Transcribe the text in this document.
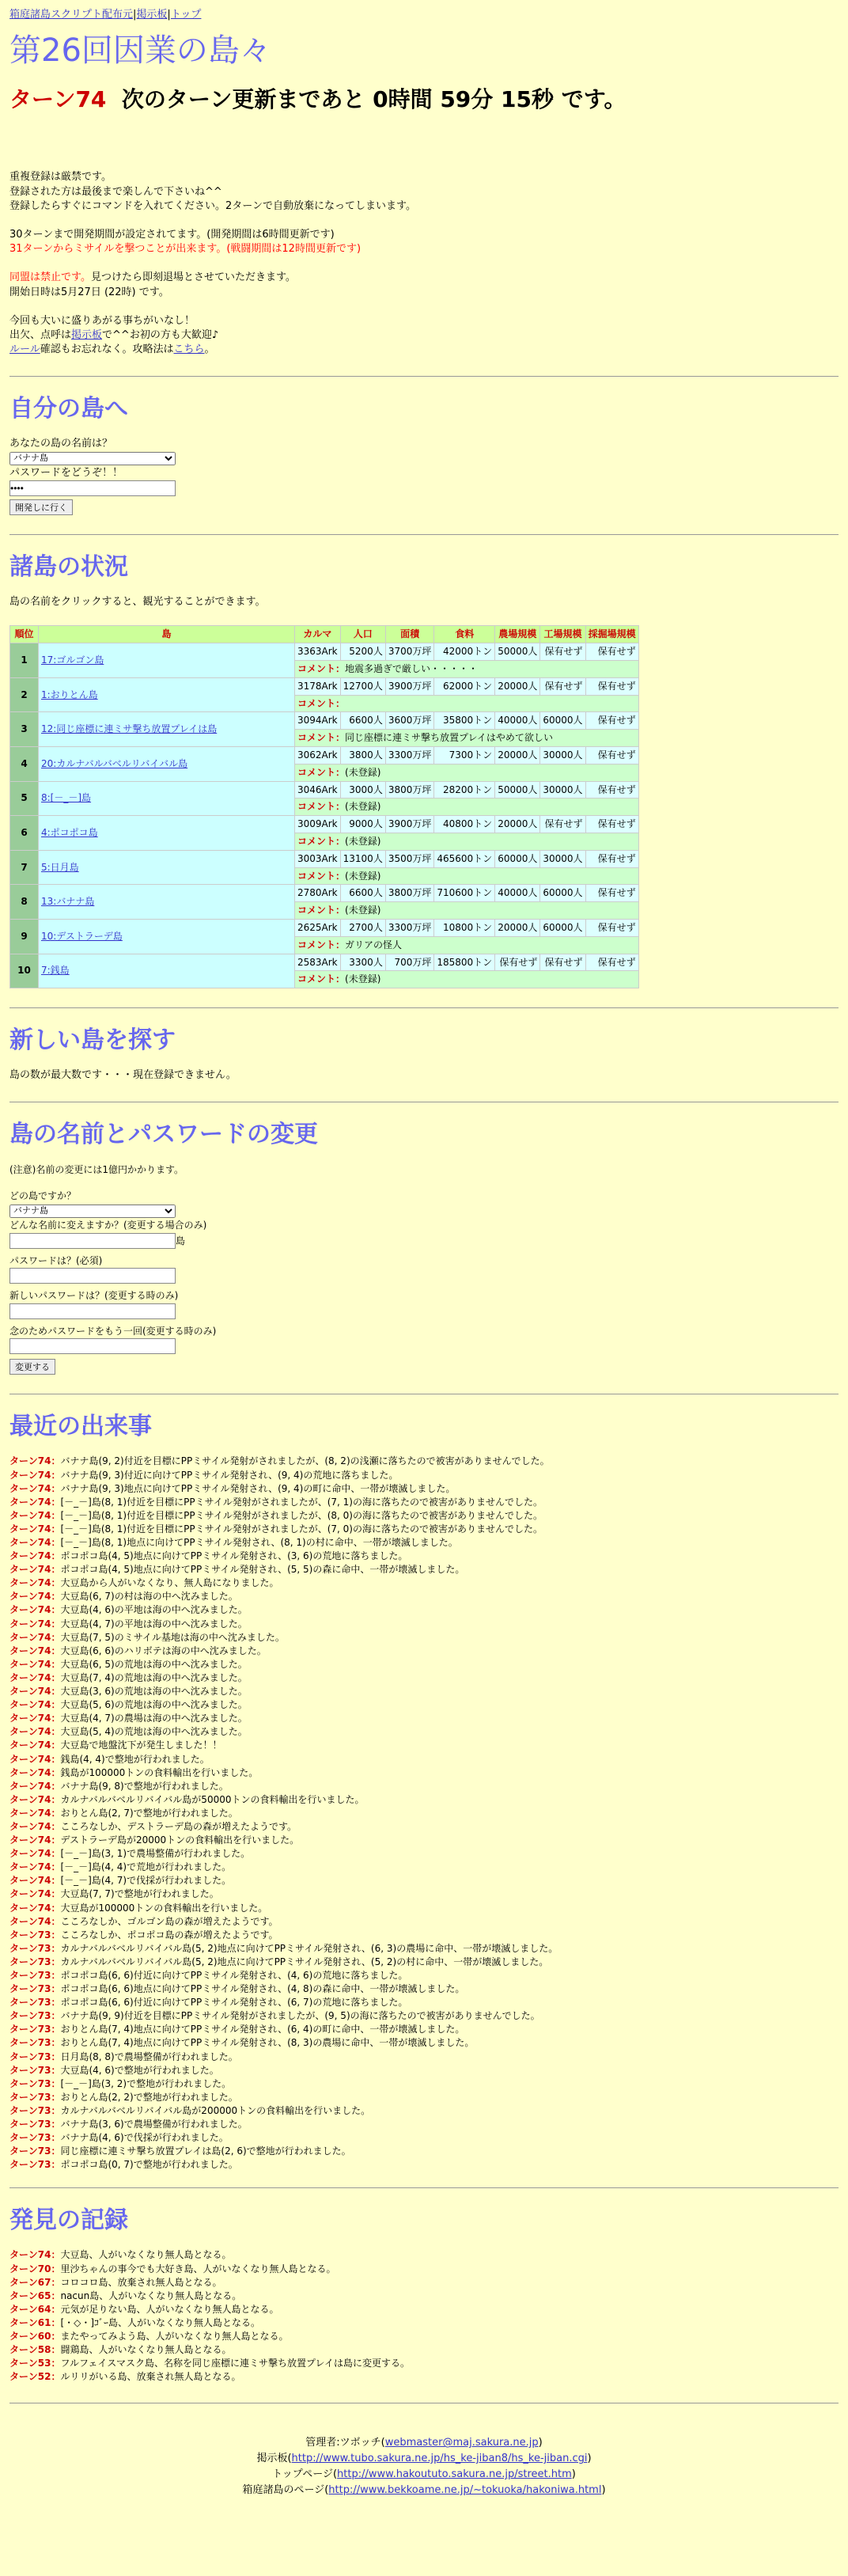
箱庭諸島スクリプト配布元|掲示板|トップ
第26回因業の島々
ターン74 次のターン更新まであと 0時間 59分 15秒 です。

重複登録は厳禁です。
登録された方は最後まで楽しんで下さいね^^
登録したらすぐにコマンドを入れてください。2ターンで自動放棄になってしまいます。

30ターンまで開発期間が設定されてます。(開発期間は6時間更新です)
31ターンからミサイルを撃つことが出来ます。(戦闘期間は12時間更新です)

同盟は禁止です。見つけたら即刻退場とさせていただきます。
開始日時は5月27日 (22時) です。

今回も大いに盛りあがる事ちがいなし！
出欠、点呼は掲示板で^^お初の方も大歓迎♪
ルール確認もお忘れなく。攻略法はこちら。

自分の島へ
あなたの島の名前は？
バナナ島
パスワードをどうぞ！！
••••
開発しに行く
諸島の状況
島の名前をクリックすると、観光することができます。
順位	島	カルマ	人口	面積	食料	農場規模	工場規模	採掘場規模
1	17:ゴルゴン島	3363Ark	5200人	3700万坪	42000トン	50000人	保有せず	保有せず
		コメント：地震多過ぎで厳しい・・・・・						
2	1:おりとん島	3178Ark	12700人	3900万坪	62000トン	20000人	保有せず	保有せず
		コメント：						
3	12:同じ座標に連ミサ撃ち放置プレイは島	3094Ark	6600人	3600万坪	35800トン	40000人	60000人	保有せず
		コメント：同じ座標に連ミサ撃ち放置プレイはやめて欲しい						
4	20:カルナバルバベルリバイバル島	3062Ark	3800人	3300万坪	7300トン	20000人	30000人	保有せず
		コメント：(未登録)						
5	8:[－_－]島	3046Ark	3000人	3800万坪	28200トン	50000人	30000人	保有せず
		コメント：(未登録)						
6	4:ポコポコ島	3009Ark	9000人	3900万坪	40800トン	20000人	保有せず	保有せず
		コメント：(未登録)						
7	5:日月島	3003Ark	13100人	3500万坪	465600トン	60000人	30000人	保有せず
		コメント：(未登録)						
8	13:バナナ島	2780Ark	6600人	3800万坪	710600トン	40000人	60000人	保有せず
		コメント：(未登録)						
9	10:デストラーデ島	2625Ark	2700人	3300万坪	10800トン	20000人	60000人	保有せず
		コメント：ガリアの怪人						
10	7:銭島	2583Ark	3300人	700万坪	185800トン	保有せず	保有せず	保有せず
		コメント：(未登録)						
新しい島を探す
島の数が最大数です・・・現在登録できません。
島の名前とパスワードの変更
(注意)名前の変更には1億円かかります。
どの島ですか？
バナナ島
どんな名前に変えますか？(変更する場合のみ)
島
パスワードは？(必須)
新しいパスワードは？(変更する時のみ)
念のためパスワードをもう一回(変更する時のみ)

変更する
最近の出来事
ターン74：バナナ島(9, 2)付近を目標にPPミサイル発射がされましたが、(8, 2)の浅瀬に落ちたので被害がありませんでした。
ターン74：バナナ島(9, 3)付近に向けてPPミサイル発射され、(9, 4)の荒地に落ちました。
ターン74：バナナ島(9, 3)地点に向けてPPミサイル発射され、(9, 4)の町に命中、一帯が壊滅しました。
ターン74：[－_－]島(8, 1)付近を目標にPPミサイル発射がされましたが、(7, 1)の海に落ちたので被害がありませんでした。
ターン74：[－_－]島(8, 1)付近を目標にPPミサイル発射がされましたが、(8, 0)の海に落ちたので被害がありませんでした。
ターン74：[－_－]島(8, 1)付近を目標にPPミサイル発射がされましたが、(7, 0)の海に落ちたので被害がありませんでした。
ターン74：[－_－]島(8, 1)地点に向けてPPミサイル発射され、(8, 1)の村に命中、一帯が壊滅しました。
ターン74：ポコポコ島(4, 5)地点に向けてPPミサイル発射され、(3, 6)の荒地に落ちました。
ターン74：ポコポコ島(4, 5)地点に向けてPPミサイル発射され、(5, 5)の森に命中、一帯が壊滅しました。
ターン74：大豆島から人がいなくなり、無人島になりました。
ターン74：大豆島(6, 7)の村は海の中へ沈みました。
ターン74：大豆島(4, 6)の平地は海の中へ沈みました。
ターン74：大豆島(4, 7)の平地は海の中へ沈みました。
ターン74：大豆島(7, 5)のミサイル基地は海の中へ沈みました。
ターン74：大豆島(6, 6)のハリボテは海の中へ沈みました。
ターン74：大豆島(6, 5)の荒地は海の中へ沈みました。
ターン74：大豆島(7, 4)の荒地は海の中へ沈みました。
ターン74：大豆島(3, 6)の荒地は海の中へ沈みました。
ターン74：大豆島(5, 6)の荒地は海の中へ沈みました。
ターン74：大豆島(4, 7)の農場は海の中へ沈みました。
ターン74：大豆島(5, 4)の荒地は海の中へ沈みました。
ターン74：大豆島で地盤沈下が発生しました！！
ターン74：銭島(4, 4)で整地が行われました。
ターン74：銭島が100000トンの食料輸出を行いました。
ターン74：バナナ島(9, 8)で整地が行われました。
ターン74：カルナバルバベルリバイバル島が50000トンの食料輸出を行いました。
ターン74：おりとん島(2, 7)で整地が行われました。
ターン74：こころなしか、デストラーデ島の森が増えたようです。
ターン74：デストラーデ島が20000トンの食料輸出を行いました。
ターン74：[－_－]島(3, 1)で農場整備が行われました。
ターン74：[－_－]島(4, 4)で荒地が行われました。
ターン74：[－_－]島(4, 7)で伐採が行われました。
ターン74：大豆島(7, 7)で整地が行われました。
ターン74：大豆島が100000トンの食料輸出を行いました。
ターン74：こころなしか、ゴルゴン島の森が増えたようです。
ターン73：こころなしか、ポコポコ島の森が増えたようです。
ターン73：カルナバルバベルリバイバル島(5, 2)地点に向けてPPミサイル発射され、(6, 3)の農場に命中、一帯が壊滅しました。
ターン73：カルナバルバベルリバイバル島(5, 2)地点に向けてPPミサイル発射され、(5, 2)の村に命中、一帯が壊滅しました。
ターン73：ポコポコ島(6, 6)付近に向けてPPミサイル発射され、(4, 6)の荒地に落ちました。
ターン73：ポコポコ島(6, 6)地点に向けてPPミサイル発射され、(4, 8)の森に命中、一帯が壊滅しました。
ターン73：ポコポコ島(6, 6)付近に向けてPPミサイル発射され、(6, 7)の荒地に落ちました。
ターン73：バナナ島(9, 9)付近を目標にPPミサイル発射がされましたが、(9, 5)の海に落ちたので被害がありませんでした。
ターン73：おりとん島(7, 4)地点に向けてPPミサイル発射され、(6, 4)の町に命中、一帯が壊滅しました。
ターン73：おりとん島(7, 4)地点に向けてPPミサイル発射され、(8, 3)の農場に命中、一帯が壊滅しました。
ターン73：日月島(8, 8)で農場整備が行われました。
ターン73：大豆島(4, 6)で整地が行われました。
ターン73：[－_－]島(3, 2)で整地が行われました。
ターン73：おりとん島(2, 2)で整地が行われました。
ターン73：カルナバルバベルリバイバル島が200000トンの食料輸出を行いました。
ターン73：バナナ島(3, 6)で農場整備が行われました。
ターン73：バナナ島(4, 6)で伐採が行われました。
ターン73：同じ座標に連ミサ撃ち放置プレイは島(2, 6)で整地が行われました。
ターン73：ポコポコ島(0, 7)で整地が行われました。
発見の記録
ターン74：大豆島、人がいなくなり無人島となる。
ターン70：里沙ちゃんの事今でも大好き島、人がいなくなり無人島となる。
ターン67：コロコロ島、放棄され無人島となる。
ターン65：nacun島、人がいなくなり無人島となる。
ターン64：元気が足りない島、人がいなくなり無人島となる。
ターン61：[・◇・]ｺﾞｰ島、人がいなくなり無人島となる。
ターン60：またやってみよう島、人がいなくなり無人島となる。
ターン58：闘鶏島、人がいなくなり無人島となる。
ターン53：フルフェイスマスク島、名称を同じ座標に連ミサ撃ち放置プレイは島に変更する。
ターン52：ルリリがいる島、放棄され無人島となる。
管理者:ツボッチ(webmaster@maj.sakura.ne.jp)
掲示板(http://www.tubo.sakura.ne.jp/hs_ke-jiban8/hs_ke-jiban.cgi)
トップページ(http://www.hakoututo.sakura.ne.jp/street.htm)
箱庭諸島のページ(http://www.bekkoame.ne.jp/~tokuoka/hakoniwa.html)
